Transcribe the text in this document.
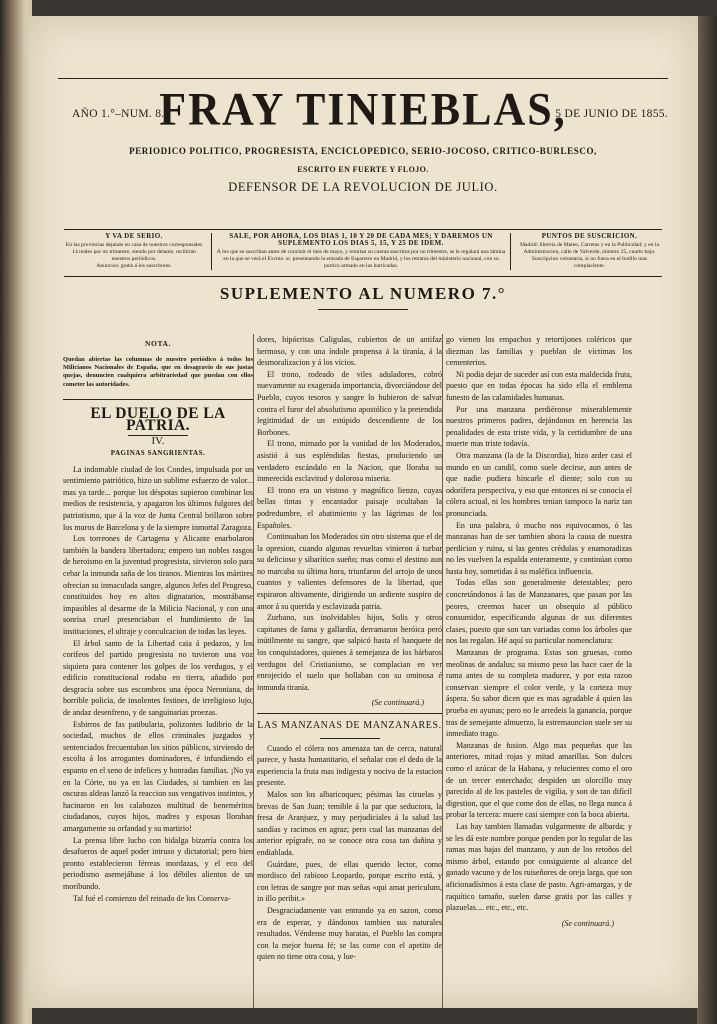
AÑO 1.°–NUM. 8.
FRAY TINIEBLAS,
5 DE JUNIO DE 1855.
PERIODICO POLITICO, PROGRESISTA, ENCICLOPEDICO, SERIO-JOCOSO, CRITICO-BURLESCO,
ESCRITO EN FUERTE Y FLOJO.
DEFENSOR DE LA REVOLUCION DE JULIO.
Y VA DE SERIO.
En las provincias dejando en casa de nuestros corresponsales 14 reales por un trimestre, siendo por delante, recibirán nuestros periódicos.
Anuncios: gratis á los suscritores.
SALE, POR AHORA, LOS DIAS 1, 10 Y 20 DE CADA MES; Y DAREMOS UN SUPLEMENTO LOS DIAS 5, 15, Y 25 DE IDEM.
Á los que se suscriban antes de concluir el mes de mayo, y remitan su cuenta suscritos por un trimestre, se le regalará una lámina en la que se verá el Excmo. sr. presentando la entrada de Espartero en Madrid, y los retratos del ministerio nacional, con su portico armado en las barricadas.
PUNTOS DE SUSCRICION.
Madrid: librería de Mateo, Carretas y en la Publicidad; y en la Administracion, calle de Valverde, número 25, cuarto bajo. Suscripcion voluntaria, si no fuera en el botillo mas complaciente.
SUPLEMENTO AL NUMERO 7.°
NOTA.

Quedan abiertas las columnas de nuestro periódico á todos los Milicianos Nacionales de España, que en desagravio de sus justas quejas, denuncien cualquiera arbitrariedad que puedan con ellos cometer las autoridades.

EL DUELO DE LA PATRIA.
IV.
PAGINAS SANGRIENTAS.

La indomable ciudad de los Condes, impulsada por un sentimiento patriótico, hizo un sublime esfuerzo de valor... mas ya tarde... porque los déspotas supieron combinar los medios de resistencia, y apagaron los últimos fulgores del patriotismo, que á la voz de Junta Central brillaron sobre los muros de Barcelona y de la siempre inmortal Zaragoza.

Los torreones de Cartagena y Alicante enarbolaron también la bandera libertadora; empero tan nobles rasgos de heroismo en la juventud progresista, sirvieron solo para cebar la inmunda saña de los tiranos. Mientras los mártires ofrecian su inmaculada sangre, algunos Jefes del Progreso, constituidos hoy en altos dignatarios, mostrábanse impasibles al desarme de la Milicia Nacional, y con una sonrisa cruel presenciaban el hundimiento de las instituciones, el ultraje y conculcacion de todas las leyes.

El árbol santo de la Libertad caia á pedazos, y los corifeos del partido progresista no tuvieron una voz siquiera para contener los golpes de los verdugos, y el edificio constitucional rodaba en tierra, añadido por desgracia sobre sus escombros una época Neroniana, de horrible policía, de insolentes festines, de irreligioso lujo, de andaz desenfreno, y de sanguinarias proezas.

Esbirros de fas patibularia, polizontes ludibrio de la sociedad, muchos de ellos criminales juzgados y sentenciados frecuentaban los sitios públicos, sirviendo de escolta á los arrogantes dominadores, é infundiendo el espanto en el seno de infelices y honradas familias. ¡No ya en la Córte, no ya en las Ciudades, si tambien en las oscuras aldeas lanzó la reaccion sus vengativos instintos, y hacinaron en los calabozos multitud de beneméritos ciudadanos, cuyos hijos, madres y esposas lloraban amargamente su orfandad y su martirio!

La prensa libre lucho con hidalga bizarría contra los desafueros de aquel poder intruso y dictatorial; pero bien pronto establecieron férreas mordazas, y el eco del periodismo asemejábase á los débiles alientos de un moribundo.

Tal fué el comienzo del reinado de los Conserva-

dores, hipócritas Caligulas, cubiertos de un antifaz hermoso, y con una índole propensa á la tiranía, á la desmoralizacion y á los vicios.

El trono, rodeado de viles aduladores, cobró nuevamente su exagerada importancia, divorciándose del Pueblo, cuyos tesoros y sangre lo hubieron de salvar contra el furor del absolutismo apostólico y la pretendida legitimidad de un estúpido descendiente de los Borbones.

El trono, mimado por la vanidad de los Moderados, asistió á sus espléndidas fiestas, produciendo un verdadero escándalo en la Nacion, que lloraba su inmerecida esclavitud y dolorosa miseria.

El trono era un vistoso y magnífico lienzo, cuyas bellas tintas y encantador paisaje ocultaban la podredumbre, el abatimiento y las lágrimas de los Españoles.

Continuaban los Moderados sin otro sistema que el de la opresion, cuando algunas revueltas vinieron á turbar su delicioso y sibarítico sueño; mas como el destino aun no marcaba su última hora, triunfaron del arrojo de unos cuantos y valientes defensores de la libertad, que espiraron altivamente, dirigiendo un ardiente suspiro de amor á su querida y esclavizada patria.

Zurbano, sus inolvidables hijos, Solis y otros capitanes de fama y gallardía, derramaron heróica peró inútilmente su sangre, que salpicó hasta el banquete de los conquistadores, quienes á semejanza de los bárbaros verdugos del Cristianismo, se complacian en ver enrojecido el suelo que hollaban con su ominosa é inmunda tiranía.

(Se continuará.)
LAS MANZANAS DE MANZANARES.

Cuando el cólera nos amenaza tan de cerca, natural parece, y hasta humanitario, el señalar con el dedo de la esperiencia la fruta mas indigesta y nociva de la estacion presente.

Malos son los albaricoques; pésimas las ciruelas y brevas de San Juan; temible á la par que seductora, la fresa de Aranjuez, y muy perjudiciales á la salud las sandías y racimos en agraz; pero cual las manzanas del anterior epígrafe, no se conoce otra cosa tan dañina y endiablada.

Guárdate, pues, de ellas querido lector, como mordisco del rabioso Leopardo, porque escrito está, y con letras de sangre por mas señas «qui amat periculum, in illo peribit.»

Desgraciadamente van entrando ya en sazon, como era de esperar, y dándonos tambien sus naturales resultados. Véndense muy baratas, el Pueblo las compra con la mejor buena fé; se las come con el apetito de quien no tiene otra cosa, y lue-

go vienen los empachos y retortijones coléricos que diezman las familias y pueblan de víctimas los cementerios.

Ni podia dejar de suceder así con esta maldecida fruta, puesto que en todas épocas ha sido ella el emblema funesto de las calamidades humanas.

Por una manzana perdiéronse miserablemente nuestros primeros padres, dejándonos en herencia las penalidades de esta triste vida, y la certidumbre de una muerte mas triste todavía.

Otra manzana (la de la Discordia), hizo arder casi el mundo en un candil, como suele decirse, aun antes de que nadie pudiera hincarle el diente; solo con su odorífera perspectiva, y eso que entonces ni se conocia el cólera actual, ni los hombres tenian tampoco la nariz tan pronunciada.

En una palabra, ó mucho nos equivocamos, ó las manzanas han de ser tambien ahora la causa de nuestra perdicion y ruina, si las gentes crédulas y enamoradizas no les vuelven la espalda enteramente, y continúan como hasta hoy, sometidas á su maléfica influencia.

Todas ellas son generalmente detestables; pero concretándonos á las de Manzanares, que pasan por las peores, creemos hacer un obsequio al público consumidor, especificando algunas de sus diferentes clases, puesto que son tan variadas como los árboles que nos las regalan. Hé aquí su particular nomenclatura:

Manzanas de programa. Estas son gruesas, como meolinas de andalus; su mismo peso las hace caer de la rama antes de su completa madurez, y por esta razon conservan siempre el color verde, y la corteza muy áspera. Su sabor dicen que es mas agradable á quien las prueba en ayunas; pero no le arredeis la ganancia, porque tras de semejante almuerzo, la estremauncion suele ser su inmediato trago.

Manzanas de fusion. Algo mas pequeñas que las anteriores, mitad rojas y mitad amarillas. Son dulces como el azúcar de la Habana, y relucientes como el oro de un tercer enterchado; despiden un olorcillo muy parecido al de los pasteles de vigilia, y son de tan difícil digestion, que el que come dos de ellas, no llega nunca á probar la tercera: muere casi siempre con la boca abierta.

Las hay tambien llamadas vulgarmente de albarda; y se les dá este nombre porque penden por lo regular de las ramas mas bajas del manzano, y aun de los retoños del mismo árbol, estando por consiguiente al alcance del ganado vacuno y de los ruiseñores de oreja larga, que son aficionadísimos á esta clase de pasto. Agri-amargas, y de raquítico tamaño, suelen darse gratis por las calles y plazuelas.... etc., etc., etc.

(Se continuará.)
